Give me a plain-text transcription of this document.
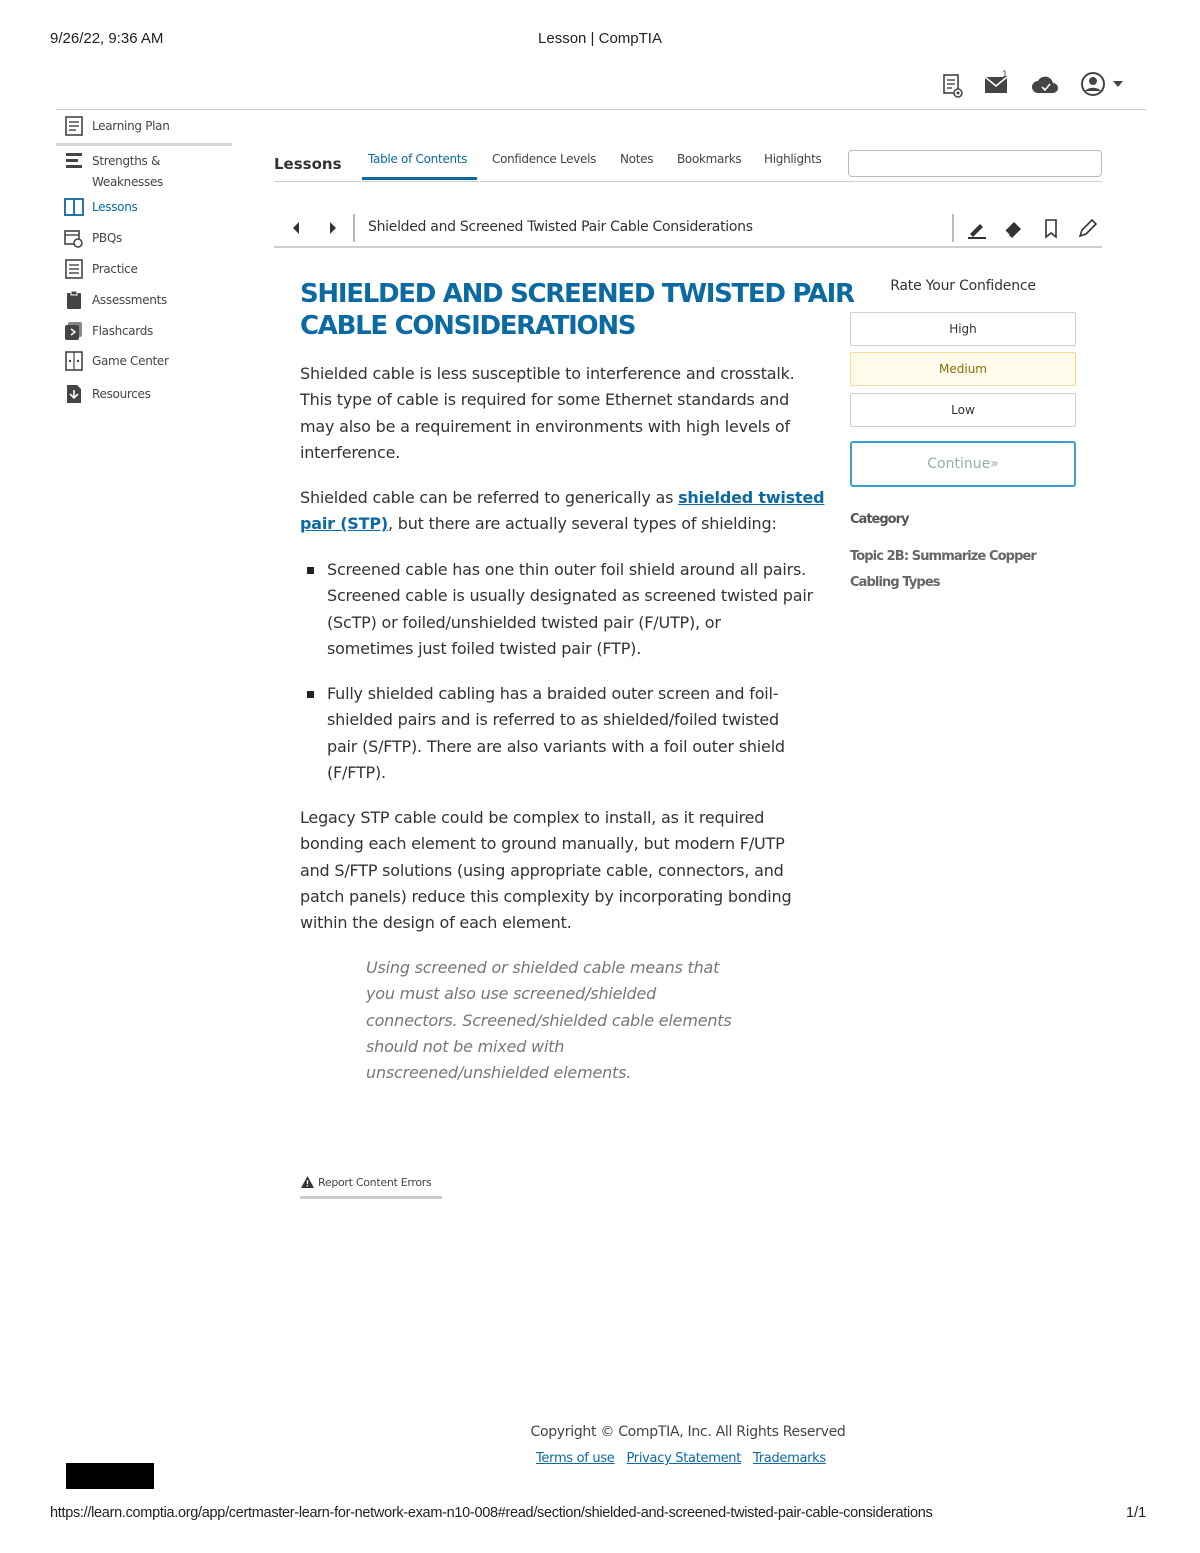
9/26/22, 9:36 AM	Lesson | CompTIA
1
Learning Plan
Strengths &
Weaknesses
Lessons
PBQs
Practice
Assessments
Flashcards
Game Center
Resources
Lessons Table of Contents Confidence Levels Notes Bookmarks Highlights
Shielded and Screened Twisted Pair Cable Considerations
SHIELDED AND SCREENED TWISTED PAIR
CABLE CONSIDERATIONS
Shielded cable is less susceptible to interference and crosstalk.
This type of cable is required for some Ethernet standards and
may also be a requirement in environments with high levels of
interference.
Shielded cable can be referred to generically as shielded twisted
pair (STP), but there are actually several types of shielding:
Screened cable has one thin outer foil shield around all pairs.
Screened cable is usually designated as screened twisted pair
(ScTP) or foiled/unshielded twisted pair (F/UTP), or
sometimes just foiled twisted pair (FTP).
Fully shielded cabling has a braided outer screen and foil-
shielded pairs and is referred to as shielded/foiled twisted
pair (S/FTP). There are also variants with a foil outer shield
(F/FTP).
Legacy STP cable could be complex to install, as it required
bonding each element to ground manually, but modern F/UTP
and S/FTP solutions (using appropriate cable, connectors, and
patch panels) reduce this complexity by incorporating bonding
within the design of each element.
Using screened or shielded cable means that
you must also use screened/shielded
connectors. Screened/shielded cable elements
should not be mixed with
unscreened/unshielded elements.
Report Content Errors
Rate Your Confidence
High
Medium
Low
Continue»
Category
Topic 2B: Summarize Copper
Cabling Types
Copyright © CompTIA, Inc. All Rights Reserved
Terms of use Privacy Statement Trademarks
https://learn.comptia.org/app/certmaster-learn-for-network-exam-n10-008#read/section/shielded-and-screened-twisted-pair-cable-considerations	1/1
